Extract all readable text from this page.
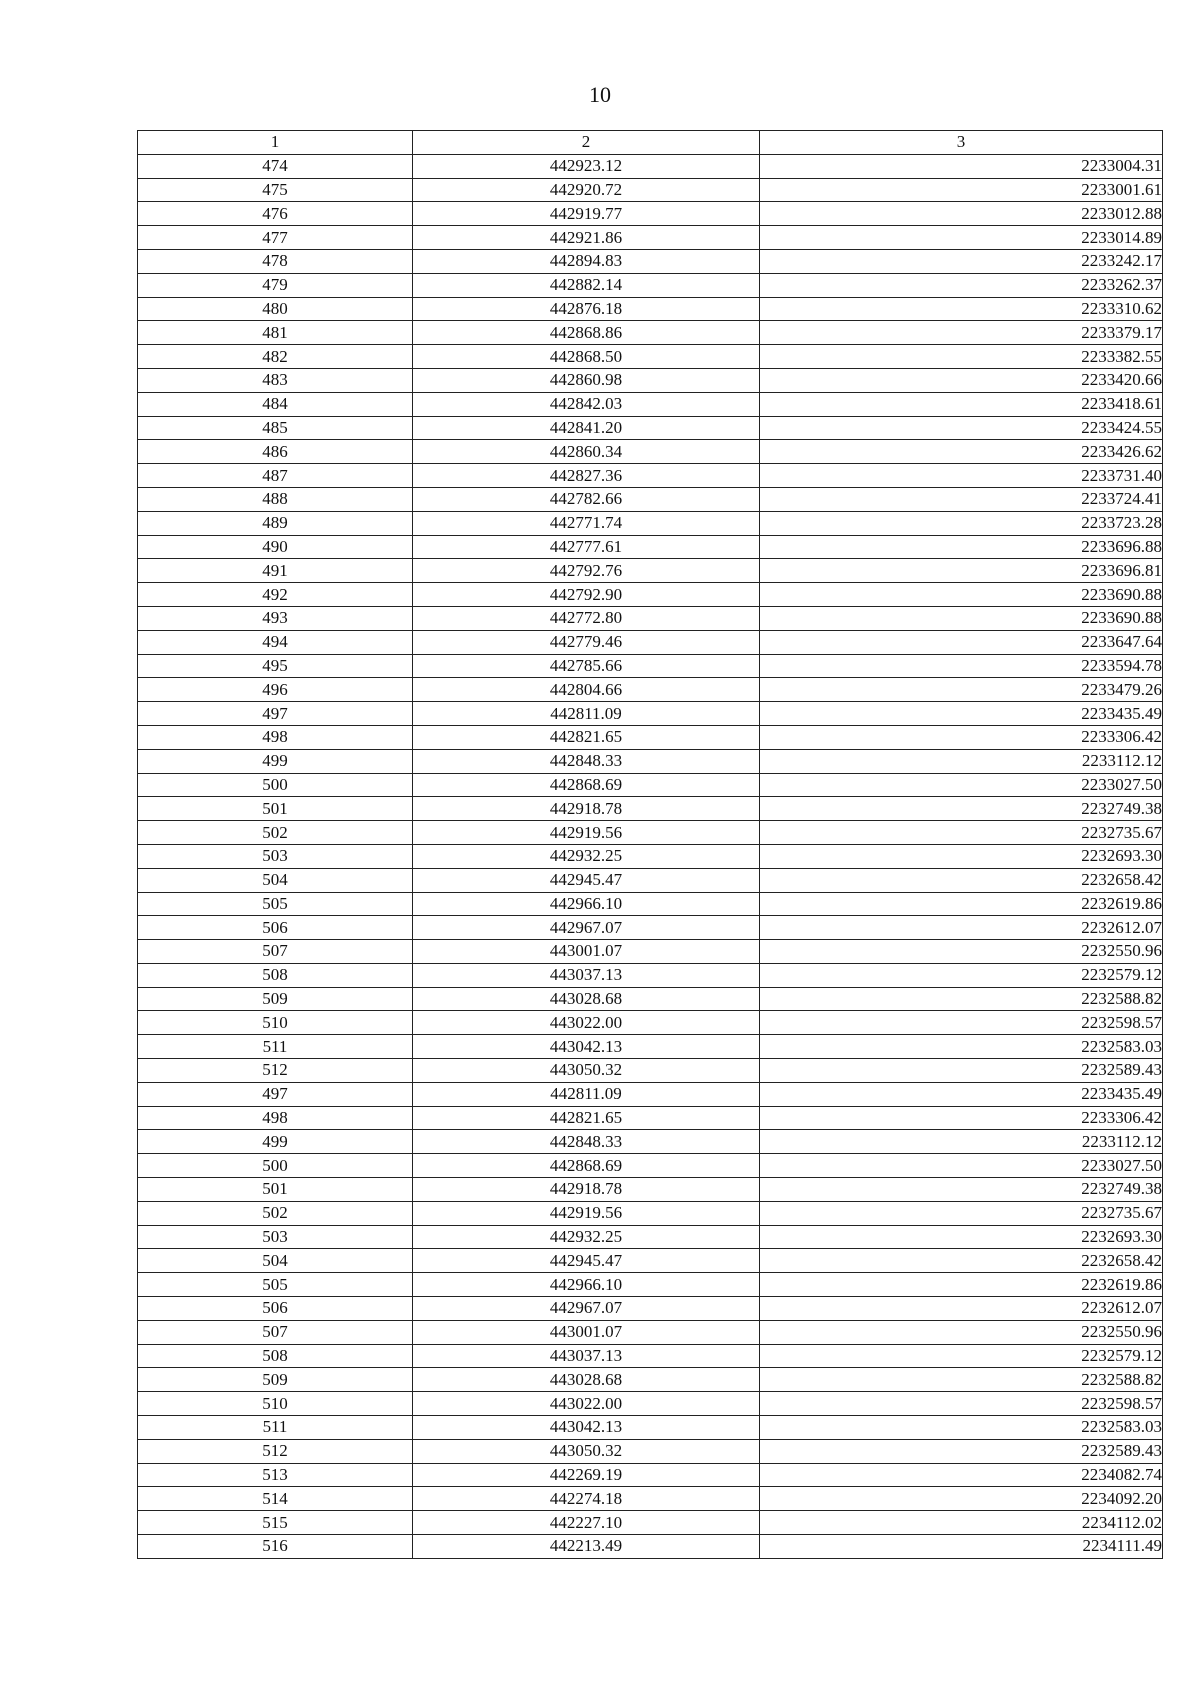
10
1	2	3
474	442923.12	2233004.31
475	442920.72	2233001.61
476	442919.77	2233012.88
477	442921.86	2233014.89
478	442894.83	2233242.17
479	442882.14	2233262.37
480	442876.18	2233310.62
481	442868.86	2233379.17
482	442868.50	2233382.55
483	442860.98	2233420.66
484	442842.03	2233418.61
485	442841.20	2233424.55
486	442860.34	2233426.62
487	442827.36	2233731.40
488	442782.66	2233724.41
489	442771.74	2233723.28
490	442777.61	2233696.88
491	442792.76	2233696.81
492	442792.90	2233690.88
493	442772.80	2233690.88
494	442779.46	2233647.64
495	442785.66	2233594.78
496	442804.66	2233479.26
497	442811.09	2233435.49
498	442821.65	2233306.42
499	442848.33	2233112.12
500	442868.69	2233027.50
501	442918.78	2232749.38
502	442919.56	2232735.67
503	442932.25	2232693.30
504	442945.47	2232658.42
505	442966.10	2232619.86
506	442967.07	2232612.07
507	443001.07	2232550.96
508	443037.13	2232579.12
509	443028.68	2232588.82
510	443022.00	2232598.57
511	443042.13	2232583.03
512	443050.32	2232589.43
497	442811.09	2233435.49
498	442821.65	2233306.42
499	442848.33	2233112.12
500	442868.69	2233027.50
501	442918.78	2232749.38
502	442919.56	2232735.67
503	442932.25	2232693.30
504	442945.47	2232658.42
505	442966.10	2232619.86
506	442967.07	2232612.07
507	443001.07	2232550.96
508	443037.13	2232579.12
509	443028.68	2232588.82
510	443022.00	2232598.57
511	443042.13	2232583.03
512	443050.32	2232589.43
513	442269.19	2234082.74
514	442274.18	2234092.20
515	442227.10	2234112.02
516	442213.49	2234111.49
